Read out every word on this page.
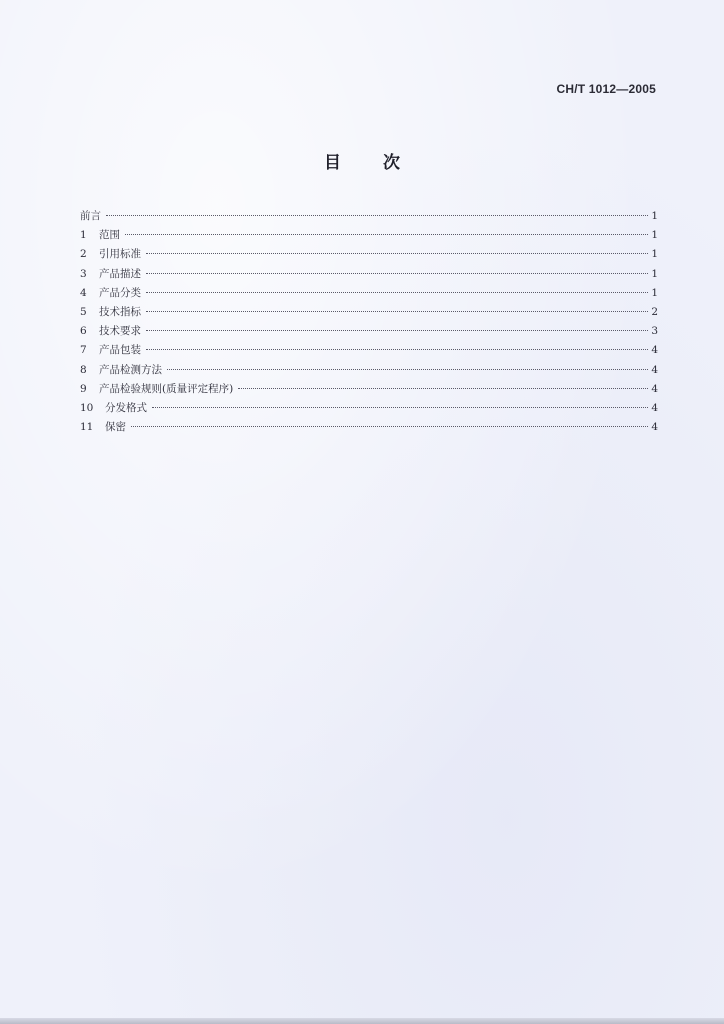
CH/T 1012—2005
目 次
前言	1
1	范围	1
2	引用标准	1
3	产品描述	1
4	产品分类	1
5	技术指标	2
6	技术要求	3
7	产品包装	4
8	产品检测方法	4
9	产品检验规则(质量评定程序)	4
10	分发格式	4
11	保密	4
